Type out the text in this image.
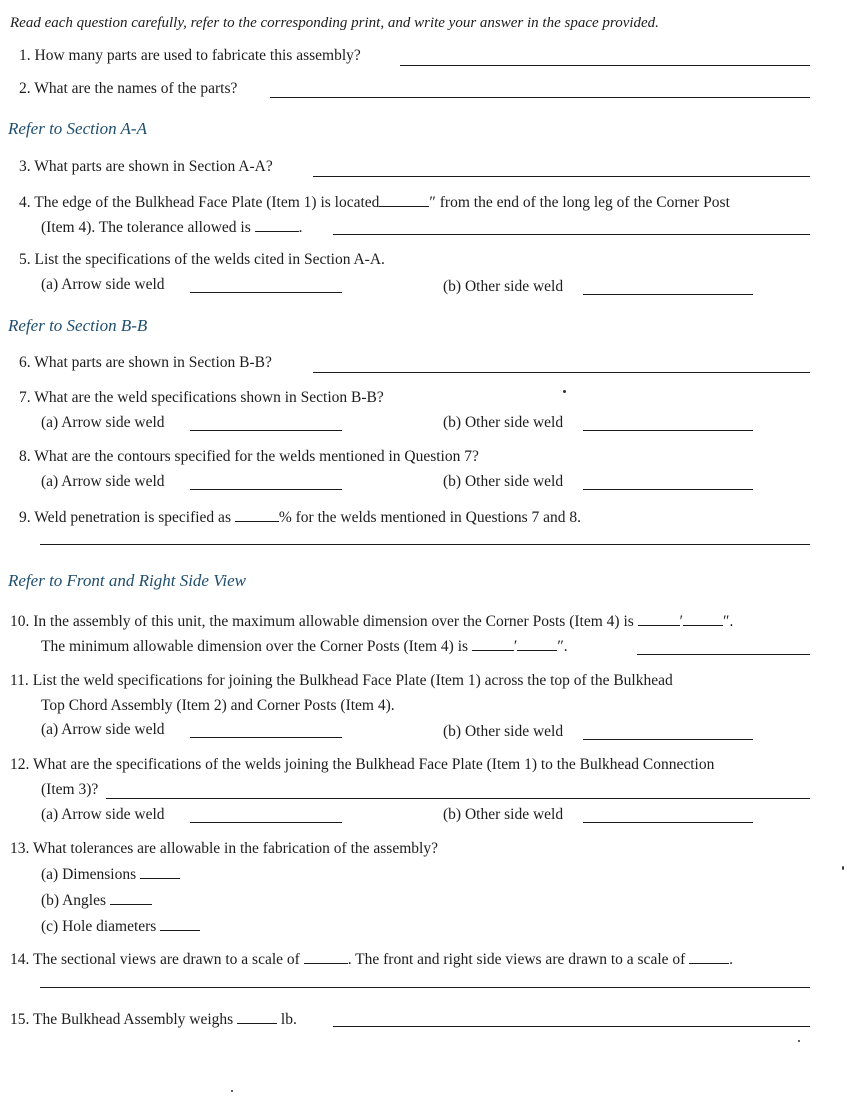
Read each question carefully, refer to the corresponding print, and write your answer in the space provided.
1. How many parts are used to fabricate this assembly?
2. What are the names of the parts?
Refer to Section A-A
3. What parts are shown in Section A-A?
4. The edge of the Bulkhead Face Plate (Item 1) is located	″ from the end of the long leg of the Corner Post
(Item 4). The tolerance allowed is	.
5. List the specifications of the welds cited in Section A-A.
(a) Arrow side weld	(b) Other side weld
Refer to Section B-B
6. What parts are shown in Section B-B?
7. What are the weld specifications shown in Section B-B?
(a) Arrow side weld	(b) Other side weld
8. What are the contours specified for the welds mentioned in Question 7?
(a) Arrow side weld	(b) Other side weld
9. Weld penetration is specified as	% for the welds mentioned in Questions 7 and 8.
Refer to Front and Right Side View
10. In the assembly of this unit, the maximum allowable dimension over the Corner Posts (Item 4) is	′	″.
The minimum allowable dimension over the Corner Posts (Item 4) is	′	″.
11. List the weld specifications for joining the Bulkhead Face Plate (Item 1) across the top of the Bulkhead
Top Chord Assembly (Item 2) and Corner Posts (Item 4).
(a) Arrow side weld	(b) Other side weld
12. What are the specifications of the welds joining the Bulkhead Face Plate (Item 1) to the Bulkhead Connection
(Item 3)?
(a) Arrow side weld	(b) Other side weld
13. What tolerances are allowable in the fabrication of the assembly?
(a) Dimensions
(b) Angles
(c) Hole diameters
14. The sectional views are drawn to a scale of	. The front and right side views are drawn to a scale of	.
15. The Bulkhead Assembly weighs	lb.
